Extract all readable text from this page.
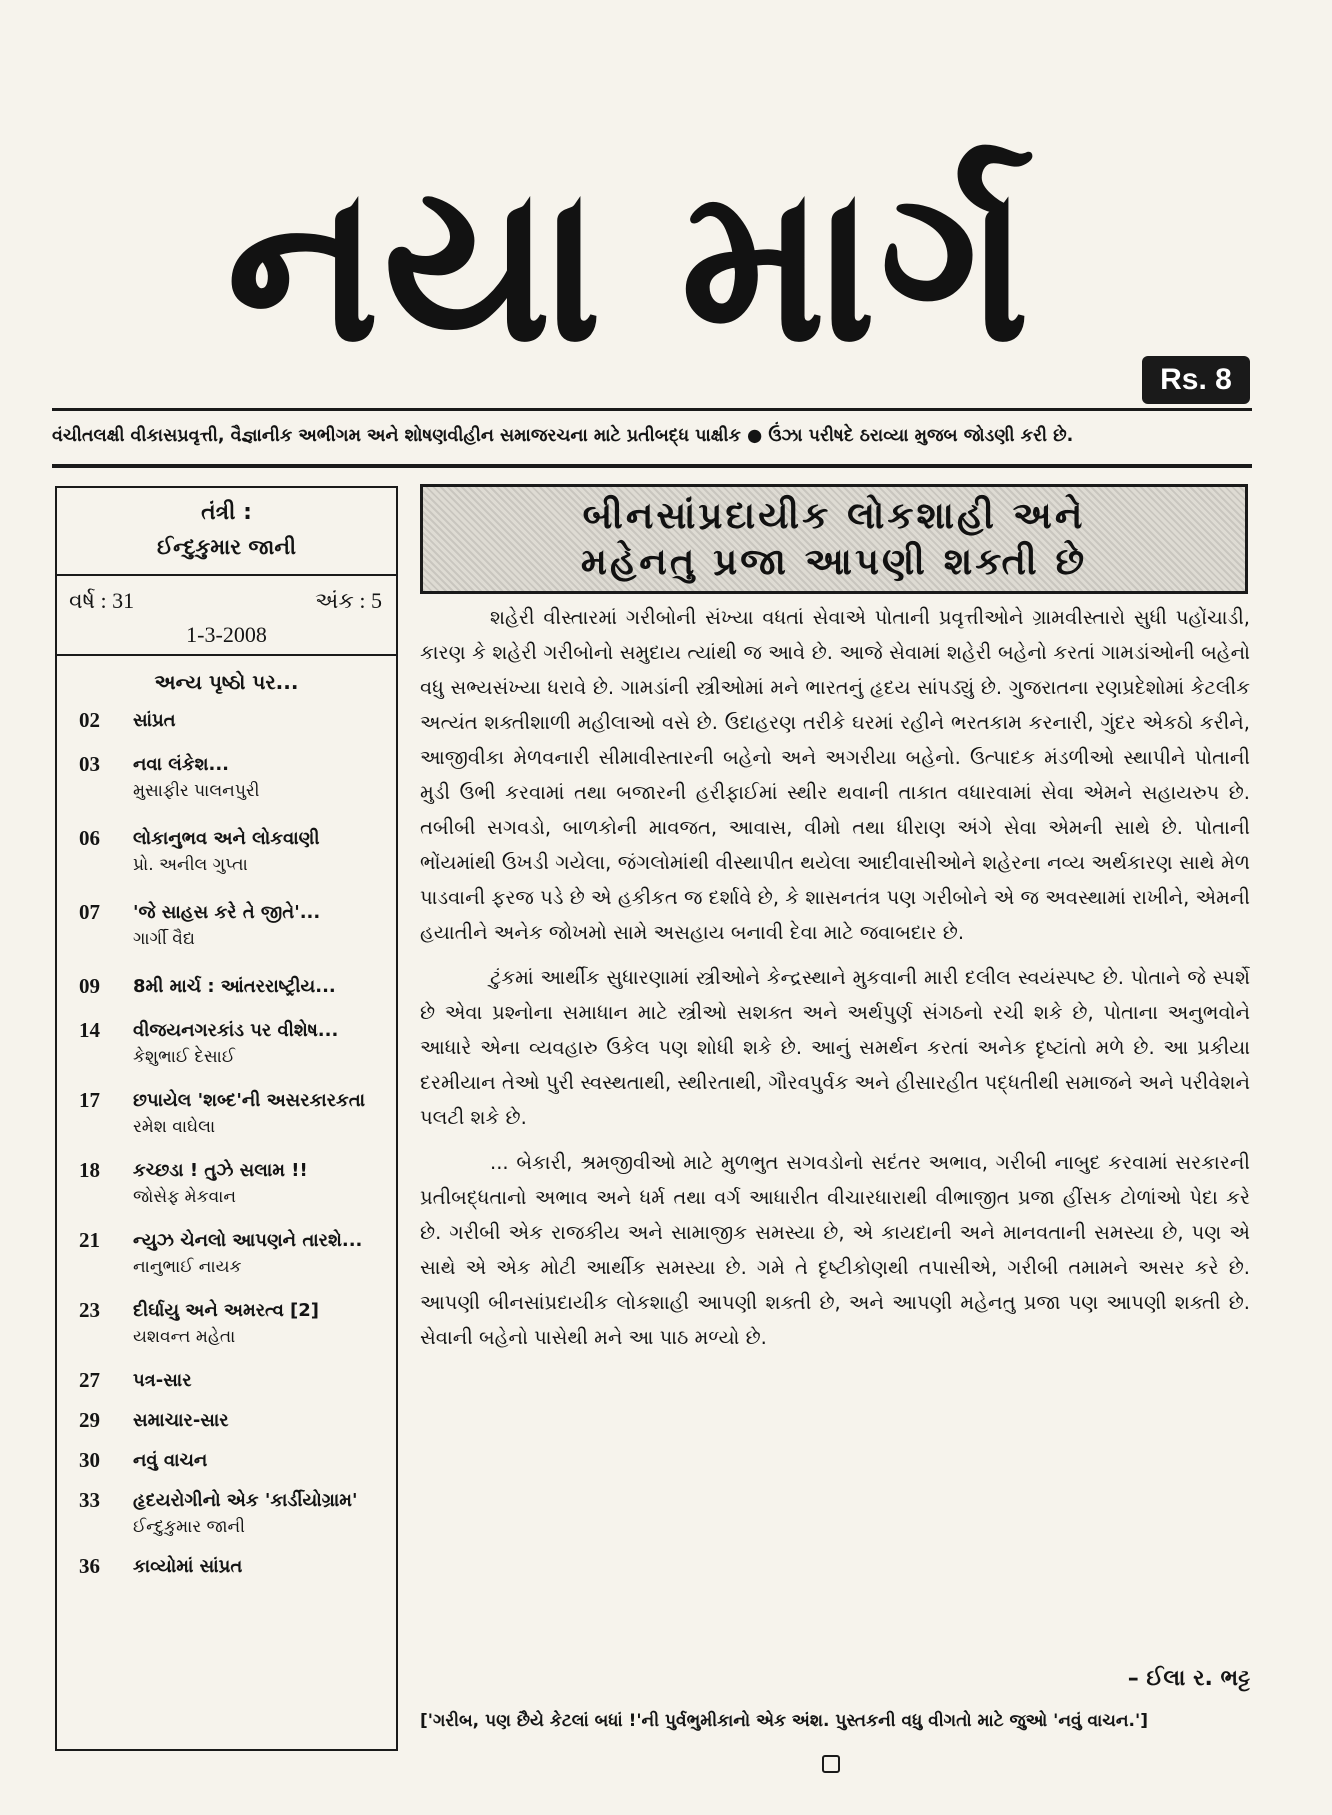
નયા માર્ગ	Rs. 8
વંચીતલક્ષી વીકાસપ્રવૃત્તી, વૈજ્ઞાનીક અભીગમ અને શોષણવીહીન સમાજરચના માટે પ્રતીબદ્ધ પાક્ષીક ● ઉંઝા પરીષદે ઠરાવ્યા મુજબ જોડણી કરી છે.
તંત્રી :
ઈન્દુકુમાર જાની
વર્ષ : 31	અંક : 5
1-3-2008
અન્ય પૃષ્ઠો પર...
02 સાંપ્રત
03 નવા લંકેશ...
મુસાફીર પાલનપુરી
06 લોકાનુભવ અને લોકવાણી
પ્રો. અનીલ ગુપ્તા
07 'જે સાહસ કરે તે જીતે'...
ગાર્ગી વૈદ્ય
09 8મી માર્ચ : આંતરરાષ્ટ્રીય...
14 વીજયનગરકાંડ પર વીશેષ...
કેશુભાઈ દેસાઈ
17 છપાયેલ 'શબ્દ'ની અસરકારકતા
રમેશ વાઘેલા
18 કચ્છડા ! તુઝે સલામ !!
જોસેફ મેકવાન
21 ન્યુઝ ચેનલો આપણને તારશે...
નાનુભાઈ નાયક
23 દીર્ઘાયુ અને અમરત્વ [2]
યશવન્ત મહેતા
27 પત્ર-સાર
29 સમાચાર-સાર
30 નવું વાચન
33 હૃદયરોગીનો એક 'કાર્ડીયોગ્રામ'
ઈન્દુકુમાર જાની
36 કાવ્યોમાં સાંપ્રત
બીનસાંપ્રદાયીક લોકશાહી અને
મહેનતુ પ્રજા આપણી શક્તી છે

શહેરી વીસ્તારમાં ગરીબોની સંખ્યા વધતાં સેવાએ પોતાની પ્રવૃત્તીઓને ગ્રામવીસ્તારો સુધી પહોંચાડી, કારણ કે શહેરી ગરીબોનો સમુદાય ત્યાંથી જ આવે છે. આજે સેવામાં શહેરી બહેનો કરતાં ગામડાંઓની બહેનો વધુ સભ્યસંખ્યા ધરાવે છે. ગામડાંની સ્ત્રીઓમાં મને ભારતનું હૃદય સાંપડ્યું છે. ગુજરાતના રણપ્રદેશોમાં કેટલીક અત્યંત શક્તીશાળી મહીલાઓ વસે છે. ઉદાહરણ તરીકે ઘરમાં રહીને ભરતકામ કરનારી, ગુંદર એકઠો કરીને, આજીવીકા મેળવનારી સીમાવીસ્તારની બહેનો અને અગરીયા બહેનો. ઉત્પાદક મંડળીઓ સ્થાપીને પોતાની મુડી ઉભી કરવામાં તથા બજારની હરીફાઈમાં સ્થીર થવાની તાકાત વધારવામાં સેવા એમને સહાયરુપ છે. તબીબી સગવડો, બાળકોની માવજત, આવાસ, વીમો તથા ધીરાણ અંગે સેવા એમની સાથે છે. પોતાની ભોંયમાંથી ઉખડી ગયેલા, જંગલોમાંથી વીસ્થાપીત થયેલા આદીવાસીઓને શહેરના નવ્ય અર્થકારણ સાથે મેળ પાડવાની ફરજ પડે છે એ હકીકત જ દર્શાવે છે, કે શાસનતંત્ર પણ ગરીબોને એ જ અવસ્થામાં રાખીને, એમની હયાતીને અનેક જોખમો સામે અસહાય બનાવી દેવા માટે જવાબદાર છે.

ટુંકમાં આર્થીક સુધારણામાં સ્ત્રીઓને કેન્દ્રસ્થાને મુકવાની મારી દલીલ સ્વયંસ્પષ્ટ છે. પોતાને જે સ્પર્શે છે એવા પ્રશ્નોના સમાધાન માટે સ્ત્રીઓ સશક્ત અને અર્થપુર્ણ સંગઠનો રચી શકે છે, પોતાના અનુભવોને આધારે એના વ્યવહારુ ઉકેલ પણ શોધી શકે છે. આનું સમર્થન કરતાં અનેક દૃષ્ટાંતો મળે છે. આ પ્રકીયા દરમીયાન તેઓ પુરી સ્વસ્થતાથી, સ્થીરતાથી, ગૌરવપુર્વક અને હીસારહીત પદ્ધતીથી સમાજને અને પરીવેશને પલટી શકે છે.

... બેકારી, શ્રમજીવીઓ માટે મુળભુત સગવડોનો સદંતર અભાવ, ગરીબી નાબુદ કરવામાં સરકારની પ્રતીબદ્ધતાનો અભાવ અને ધર્મ તથા વર્ગ આધારીત વીચારધારાથી વીભાજીત પ્રજા હીંસક ટોળાંઓ પેદા કરે છે. ગરીબી એક રાજકીય અને સામાજીક સમસ્યા છે, એ કાયદાની અને માનવતાની સમસ્યા છે, પણ એ સાથે એ એક મોટી આર્થીક સમસ્યા છે. ગમે તે દૃષ્ટીકોણથી તપાસીએ, ગરીબી તમામને અસર કરે છે. આપણી બીનસાંપ્રદાયીક લોકશાહી આપણી શક્તી છે, અને આપણી મહેનતુ પ્રજા પણ આપણી શક્તી છે. સેવાની બહેનો પાસેથી મને આ પાઠ મળ્યો છે.

– ઈલા ર. ભટ્ટ
['ગરીબ, પણ છૈયે કેટલાં બધાં !'ની પુર્વભુમીકાનો એક અંશ. પુસ્તકની વધુ વીગતો માટે જુઓ 'નવું વાચન.']
